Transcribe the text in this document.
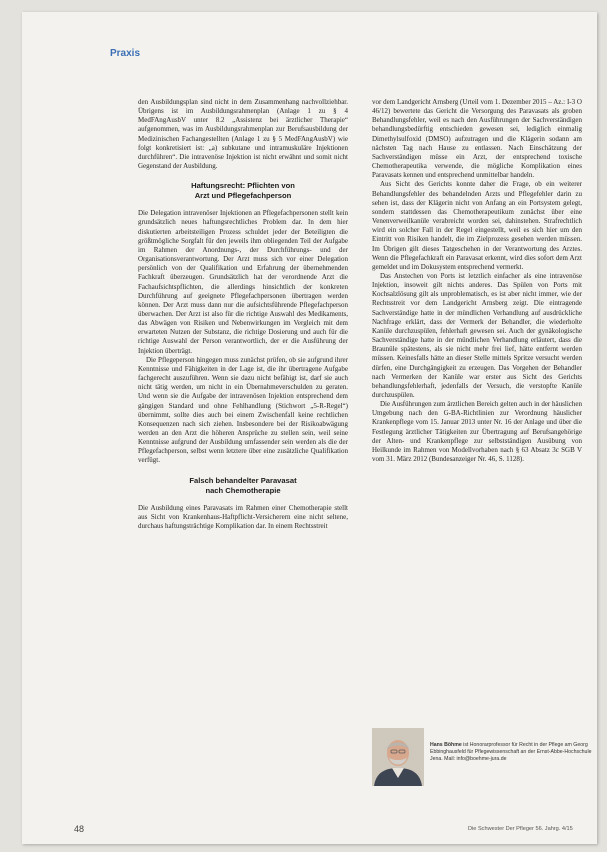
Praxis

den Ausbildungsplan sind nicht in dem Zusammenhang nachvollziehbar. Übrigens ist im Ausbildungsrahmenplan (Anlage 1 zu § 4 MedFAngAusbV unter 8.2 „Assistenz bei ärztlicher Therapie“ aufgenommen, was im Ausbildungsrahmenplan zur Berufsausbildung der Medizinischen Fachangestellten (Anlage 1 zu § 5 MedFAngAusbV) wie folgt konkretisiert ist: „a) subkutane und intramuskuläre Injektionen durchführen“. Die intravenöse Injektion ist nicht erwähnt und somit nicht Gegenstand der Ausbildung.

Haftungsrecht: Pflichten von
Arzt und Pflegefachperson

Die Delegation intravenöser Injektionen an Pflegefachpersonen stellt kein grundsätzlich neues haftungsrechtliches Problem dar. In dem hier diskutierten arbeitsteiligen Prozess schuldet jeder der Beteiligten die größtmögliche Sorgfalt für den jeweils ihm obliegenden Teil der Aufgabe im Rahmen der Anordnungs-, der Durchführungs- und der Organisationsverantwortung. Der Arzt muss sich vor einer Delegation persönlich von der Qualifikation und Erfahrung der übernehmenden Fachkraft überzeugen. Grundsätzlich hat der verordnende Arzt die Fachaufsichtspflichten, die allerdings hinsichtlich der konkreten Durchführung auf geeignete Pflegefachpersonen übertragen werden können. Der Arzt muss dann nur die aufsichtsführende Pflegefachperson überwachen. Der Arzt ist also für die richtige Auswahl des Medikaments, das Abwägen von Risiken und Nebenwirkungen im Vergleich mit dem erwarteten Nutzen der Substanz, die richtige Dosierung und auch für die richtige Auswahl der Person verantwortlich, der er die Ausführung der Injektion überträgt.

Die Pflegeperson hingegen muss zunächst prüfen, ob sie aufgrund ihrer Kenntnisse und Fähigkeiten in der Lage ist, die ihr übertragene Aufgabe fachgerecht auszuführen. Wenn sie dazu nicht befähigt ist, darf sie auch nicht tätig werden, um nicht in ein Übernahmeverschulden zu geraten. Und wenn sie die Aufgabe der intravenösen Injektion entsprechend dem gängigen Standard und ohne Fehlhandlung (Stichwort „5-R-Regel“) übernimmt, sollte dies auch bei einem Zwischenfall keine rechtlichen Konsequenzen nach sich ziehen. Insbesondere bei der Risikoabwägung werden an den Arzt die höheren Ansprüche zu stellen sein, weil seine Kenntnisse aufgrund der Ausbildung umfassender sein werden als die der Pflegefachperson, selbst wenn letztere über eine zusätzliche Qualifikation verfügt.

Falsch behandelter Paravasat
nach Chemotherapie

Die Ausbildung eines Paravasats im Rahmen einer Chemotherapie stellt aus Sicht von Krankenhaus-Haftpflicht-Versicherern eine nicht seltene, durchaus haftungsträchtige Komplikation dar. In einem Rechtsstreit

vor dem Landgericht Arnsberg (Urteil vom 1. Dezember 2015 – Az.: I-3 O 46/12) bewertete das Gericht die Versorgung des Paravasats als groben Behandlungsfehler, weil es nach den Ausführungen der Sachverständigen behandlungsbedürftig entschieden gewesen sei, lediglich einmalig Dimethylsulfoxid (DMSO) aufzutragen und die Klägerin sodann am nächsten Tag nach Hause zu entlassen. Nach Einschätzung der Sachverständigen müsse ein Arzt, der entsprechend toxische Chemotherapeutika verwende, die mögliche Komplikation eines Paravasats kennen und entsprechend unmittelbar handeln.

Aus Sicht des Gerichts konnte daher die Frage, ob ein weiterer Behandlungsfehler des behandelnden Arzts und Pflegefehler darin zu sehen ist, dass der Klägerin nicht von Anfang an ein Portsystem gelegt, sondern stattdessen das Chemotherapeutikum zunächst über eine Venenverweilkanüle verabreicht worden sei, dahinstehen. Strafrechtlich wird ein solcher Fall in der Regel eingestellt, weil es sich hier um den Eintritt von Risiken handelt, die im Zielprozess gesehen werden müssen. Im Übrigen gilt dieses Tatgeschehen in der Verantwortung des Arztes. Wenn die Pflegefachkraft ein Paravasat erkennt, wird dies sofort dem Arzt gemeldet und im Dokusystem entsprechend vermerkt.

Das Anstechen von Ports ist letztlich einfacher als eine intravenöse Injektion, insoweit gilt nichts anderes. Das Spülen von Ports mit Kochsalzlösung gilt als unproblematisch, es ist aber nicht immer, wie der Rechtsstreit vor dem Landgericht Arnsberg zeigt. Die eintragende Sachverständige hatte in der mündlichen Verhandlung auf ausdrückliche Nachfrage erklärt, dass der Vermerk der Behandler, die wiederholte Kanüle durchzuspülen, fehlerhaft gewesen sei. Auch der gynäkologische Sachverständige hatte in der mündlichen Verhandlung erläutert, dass die Braunüle spätestens, als sie nicht mehr frei lief, hätte entfernt werden müssen. Keinesfalls hätte an dieser Stelle mittels Spritze versucht werden dürfen, eine Durchgängigkeit zu erzeugen. Das Vorgehen der Behandler nach Vermerken der Kanüle war erster aus Sicht des Gerichts behandlungsfehlerhaft, jedenfalls der Versuch, die verstopfte Kanüle durchzuspülen.

Die Ausführungen zum ärztlichen Bereich gelten auch in der häuslichen Umgebung nach den G-BA-Richtlinien zur Verordnung häuslicher Krankenpflege vom 15. Januar 2013 unter Nr. 16 der Anlage und über die Festlegung ärztlicher Tätigkeiten zur Übertragung auf Berufsangehörige der Alten- und Krankenpflege zur selbstständigen Ausübung von Heilkunde im Rahmen von Modellvorhaben nach § 63 Absatz 3c SGB V vom 31. März 2012 (Bundesanzeiger Nr. 46, S. 1128).

Hans Böhme ist Honorarprofessor für Recht in der Pflege am Georg Ebbinghausfeld für Pflegewissenschaft an der Ernst-Abbe-Hochschule Jena. Mail: info@boehme-jura.de
48	Die Schwester Der Pfleger 56. Jahrg. 4/15
